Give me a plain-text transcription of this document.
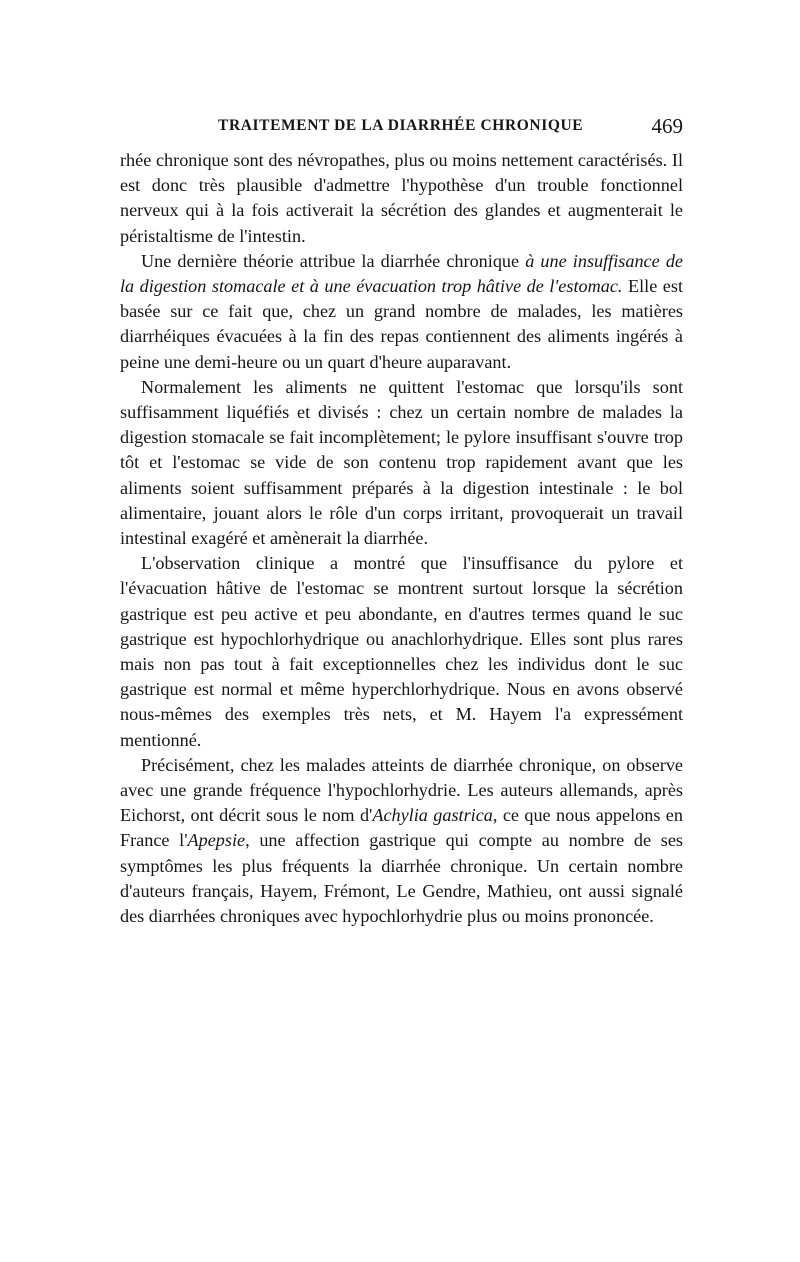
TRAITEMENT DE LA DIARRHÉE CHRONIQUE	469

rhée chronique sont des névropathes, plus ou moins nettement caractérisés. Il est donc très plausible d'admettre l'hypothèse d'un trouble fonctionnel nerveux qui à la fois activerait la sécrétion des glandes et augmenterait le péristaltisme de l'intestin.

Une dernière théorie attribue la diarrhée chronique à une insuffisance de la digestion stomacale et à une évacuation trop hâtive de l'estomac. Elle est basée sur ce fait que, chez un grand nombre de malades, les matières diarrhéiques évacuées à la fin des repas contiennent des aliments ingérés à peine une demi-heure ou un quart d'heure auparavant.

Normalement les aliments ne quittent l'estomac que lorsqu'ils sont suffisamment liquéfiés et divisés : chez un certain nombre de malades la digestion stomacale se fait incomplètement; le pylore insuffisant s'ouvre trop tôt et l'estomac se vide de son contenu trop rapidement avant que les aliments soient suffisamment préparés à la digestion intestinale : le bol alimentaire, jouant alors le rôle d'un corps irritant, provoquerait un travail intestinal exagéré et amènerait la diarrhée.

L'observation clinique a montré que l'insuffisance du pylore et l'évacuation hâtive de l'estomac se montrent surtout lorsque la sécrétion gastrique est peu active et peu abondante, en d'autres termes quand le suc gastrique est hypochlorhydrique ou anachlorhydrique. Elles sont plus rares mais non pas tout à fait exceptionnelles chez les individus dont le suc gastrique est normal et même hyperchlorhydrique. Nous en avons observé nous-mêmes des exemples très nets, et M. Hayem l'a expressément mentionné.

Précisément, chez les malades atteints de diarrhée chronique, on observe avec une grande fréquence l'hypochlorhydrie. Les auteurs allemands, après Eichorst, ont décrit sous le nom d'Achylia gastrica, ce que nous appelons en France l'Apepsie, une affection gastrique qui compte au nombre de ses symptômes les plus fréquents la diarrhée chronique. Un certain nombre d'auteurs français, Hayem, Frémont, Le Gendre, Mathieu, ont aussi signalé des diarrhées chroniques avec hypochlorhydrie plus ou moins prononcée.
